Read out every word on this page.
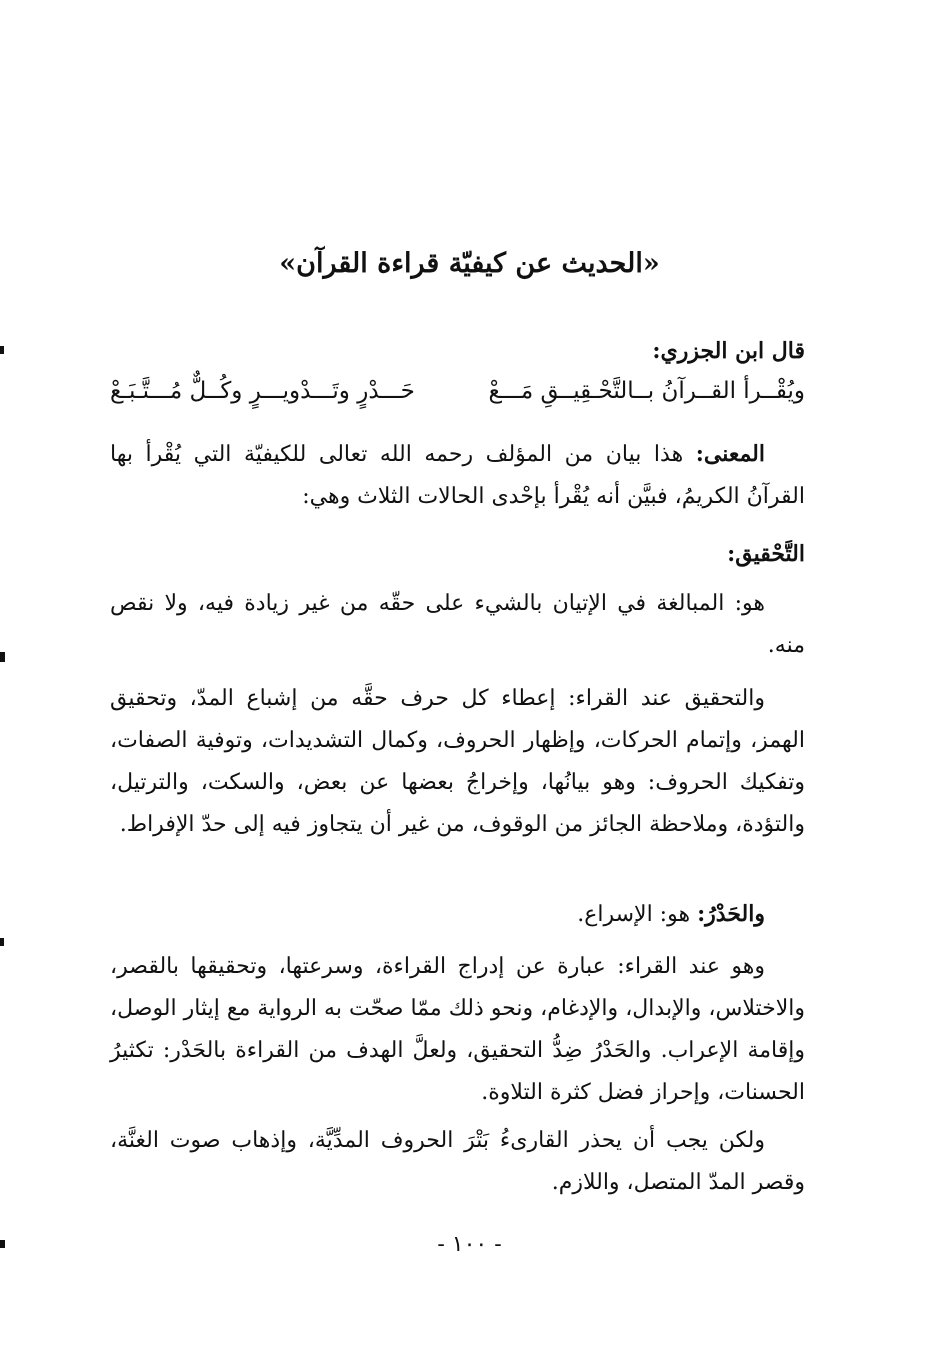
«الحديث عن كيفيّة قراءة القرآن»
قال ابن الجزري:
ويُقْــرأ القــرآنُ بــالتَّحْـقِيــقِ مَـــعْ
حَـــدْرٍ وتَـــدْويـــرٍ وكُــلٌّ مُـــتَّـبَـعْ
المعنى: هذا بيان من المؤلف رحمه الله تعالى للكيفيّة التي يُقْرأ بها القرآنُ الكريمُ، فبيَّن أنه يُقْرأ بإحْدى الحالات الثلاث وهي:
التَّحْقيق:
هو: المبالغة في الإتيان بالشيء على حقّه من غير زيادة فيه، ولا نقص منه.
والتحقيق عند القراء: إعطاء كل حرف حقَّه من إشباع المدّ، وتحقيق الهمز، وإتمام الحركات، وإظهار الحروف، وكمال التشديدات، وتوفية الصفات، وتفكيك الحروف: وهو بيانُها، وإخراجُ بعضها عن بعض، والسكت، والترتيل، والتؤدة، وملاحظة الجائز من الوقوف، من غير أن يتجاوز فيه إلى حدّ الإفراط.
والحَدْرُ: هو: الإسراع.
وهو عند القراء: عبارة عن إدراج القراءة، وسرعتها، وتحقيقها بالقصر، والاختلاس، والإبدال، والإدغام، ونحو ذلك ممّا صحّت به الرواية مع إيثار الوصل، وإقامة الإعراب. والحَدْرُ ضِدُّ التحقيق، ولعلَّ الهدف من القراءة بالحَدْر: تكثيرُ الحسنات، وإحراز فضل كثرة التلاوة.
ولكن يجب أن يحذر القارىءُ بَتْرَ الحروف المدِّيَّة، وإذهاب صوت الغنَّة، وقصر المدّ المتصل، واللازم.
- ١٠٠ -
